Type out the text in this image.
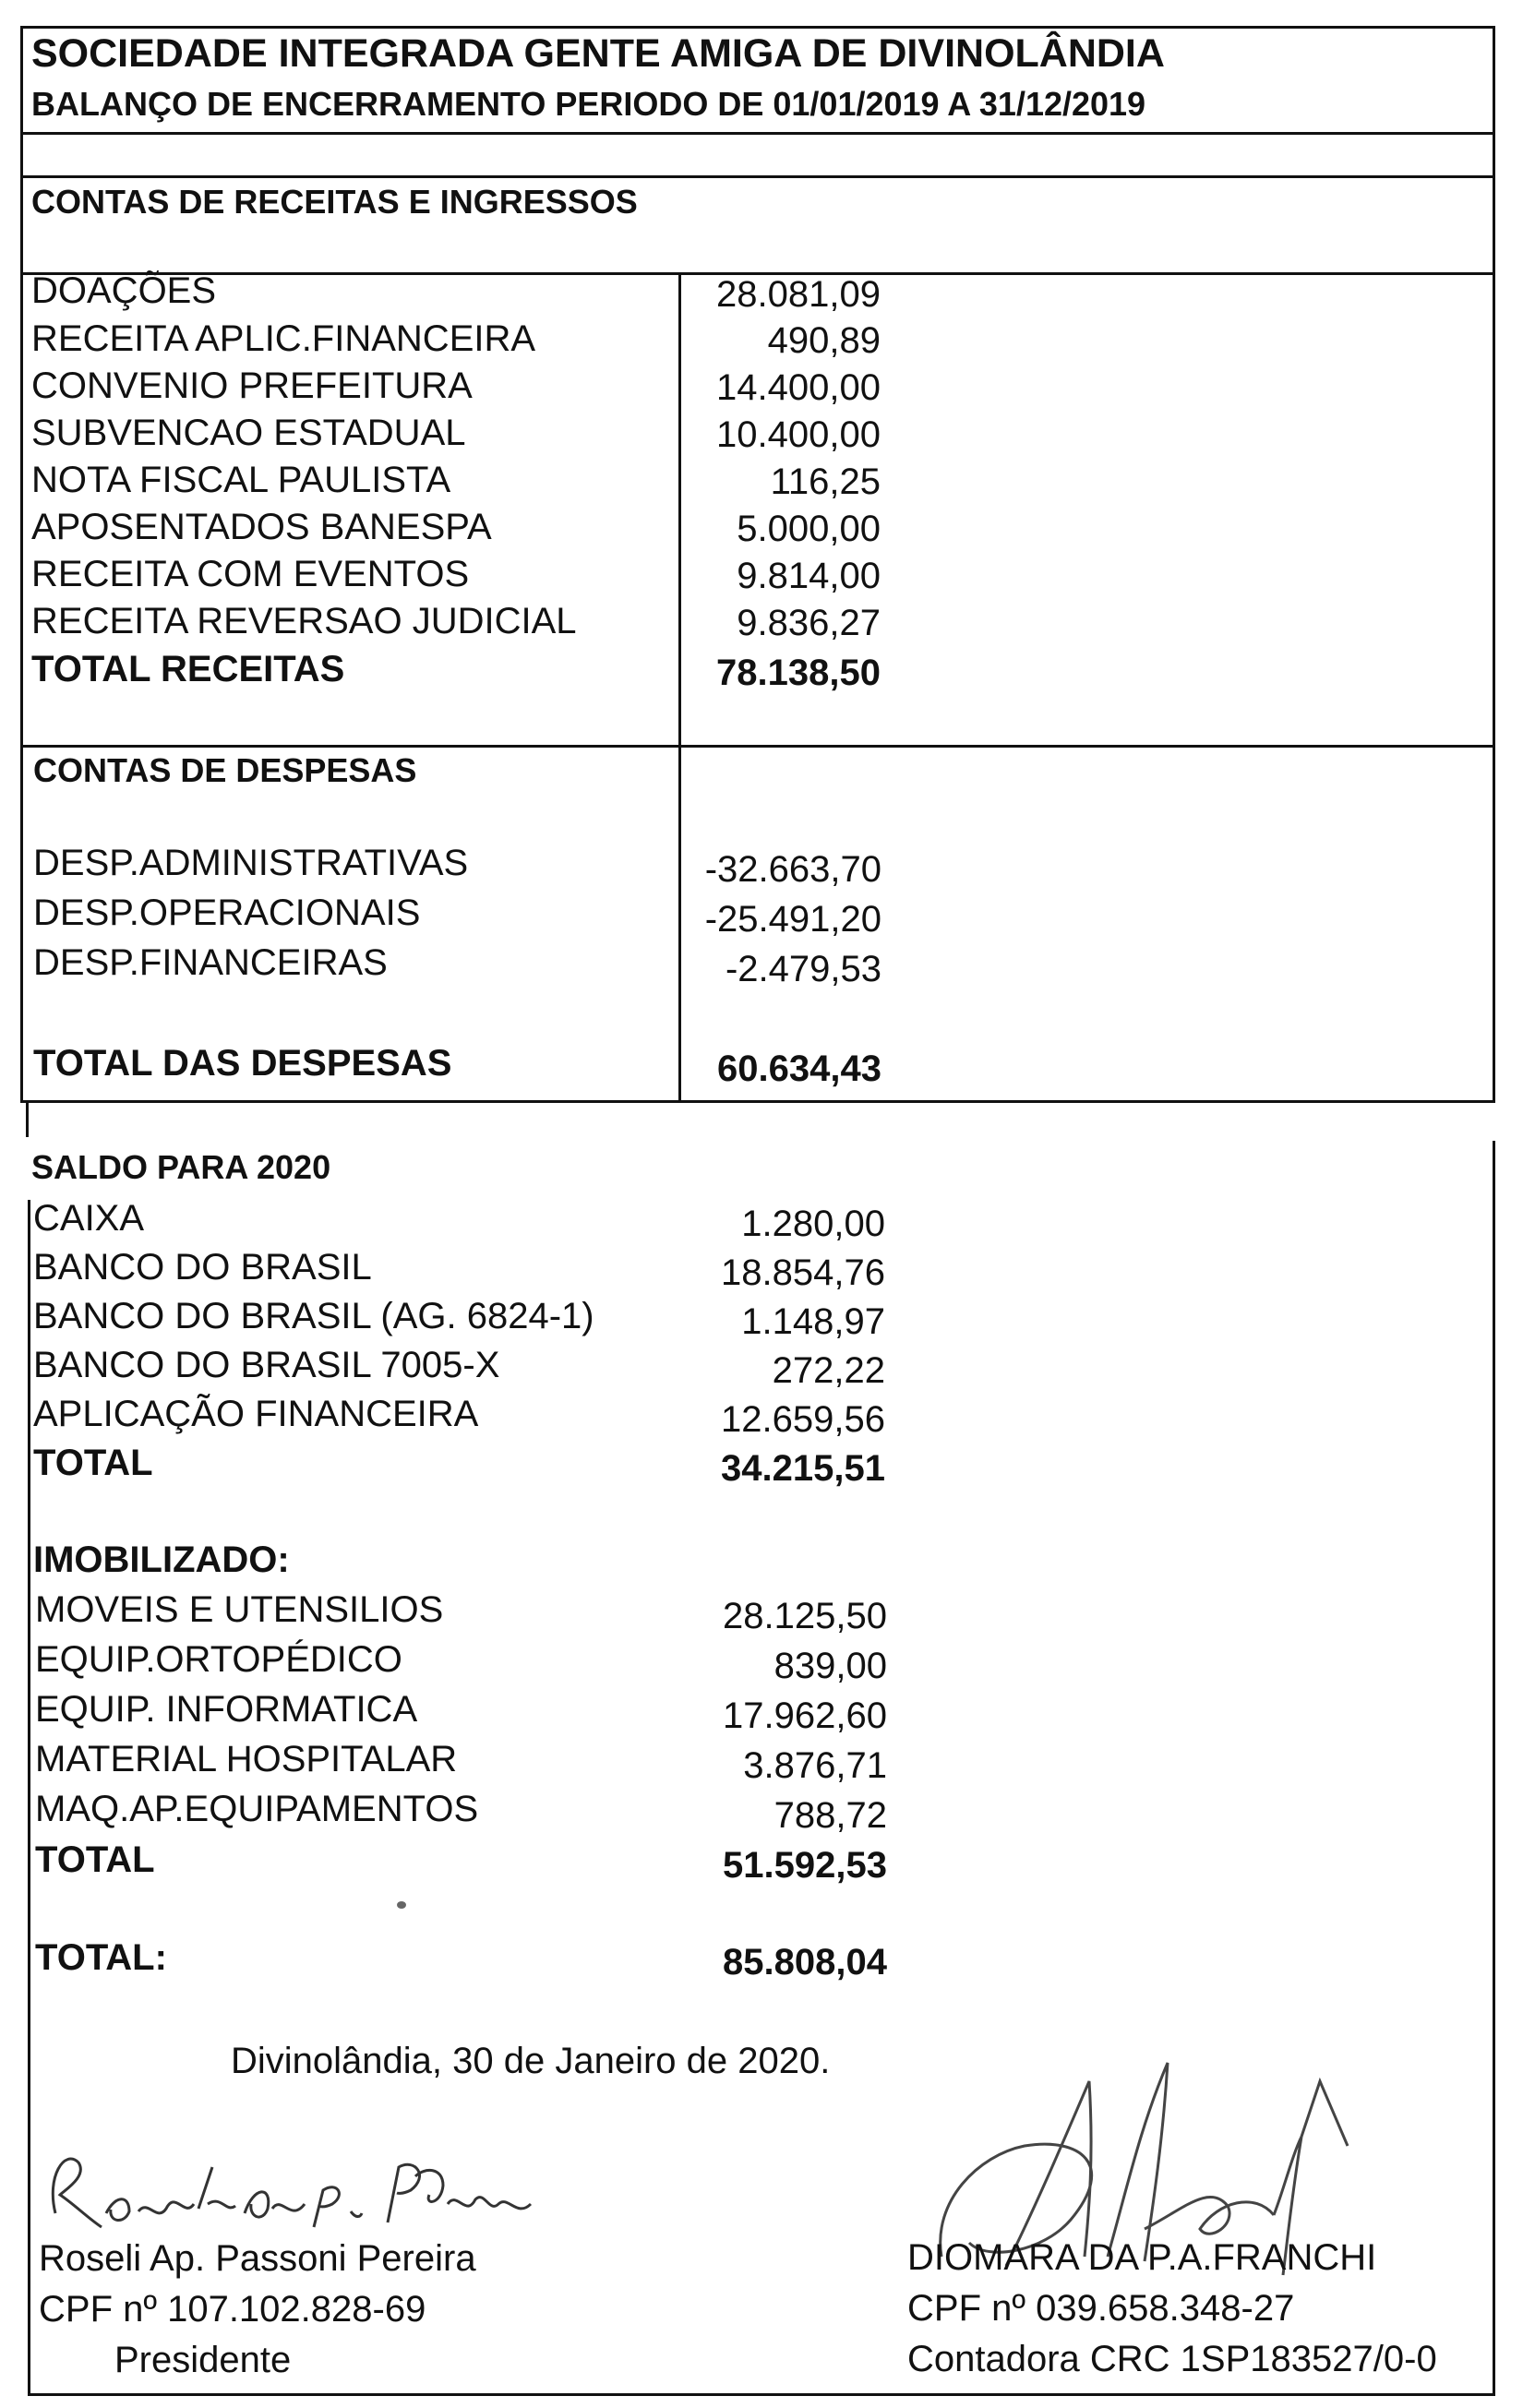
SOCIEDADE INTEGRADA GENTE AMIGA DE DIVINOLÂNDIA
BALANÇO DE ENCERRAMENTO PERIODO DE 01/01/2019 A 31/12/2019
CONTAS DE RECEITAS E INGRESSOS
DOAÇÕES	28.081,09
RECEITA APLIC.FINANCEIRA	490,89
CONVENIO PREFEITURA	14.400,00
SUBVENCAO ESTADUAL	10.400,00
NOTA FISCAL PAULISTA	116,25
APOSENTADOS BANESPA	5.000,00
RECEITA COM EVENTOS	9.814,00
RECEITA REVERSAO JUDICIAL	9.836,27
TOTAL RECEITAS	78.138,50
CONTAS DE DESPESAS
DESP.ADMINISTRATIVAS	-32.663,70
DESP.OPERACIONAIS	-25.491,20
DESP.FINANCEIRAS	-2.479,53
TOTAL DAS DESPESAS	60.634,43
SALDO PARA 2020
CAIXA	1.280,00
BANCO DO BRASIL	18.854,76
BANCO DO BRASIL (AG. 6824-1)	1.148,97
BANCO DO BRASIL 7005-X	272,22
APLICAÇÃO FINANCEIRA	12.659,56
TOTAL	34.215,51
IMOBILIZADO:
MOVEIS E UTENSILIOS	28.125,50
EQUIP.ORTOPÉDICO	839,00
EQUIP. INFORMATICA	17.962,60
MATERIAL HOSPITALAR	3.876,71
MAQ.AP.EQUIPAMENTOS	788,72
TOTAL	51.592,53
TOTAL:	85.808,04
Divinolândia, 30 de Janeiro de 2020.
Roseli Ap. Passoni Pereira
CPF nº 107.102.828-69
Presidente
DIOMARA DA P.A.FRANCHI
CPF nº 039.658.348-27
Contadora CRC 1SP183527/0-0
